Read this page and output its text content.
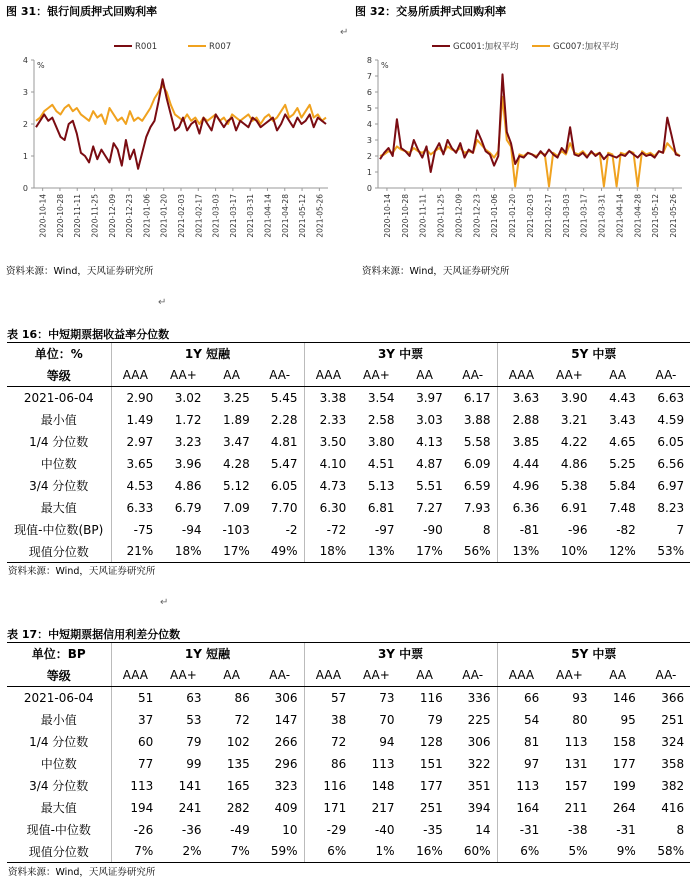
图 31：银行间质押式回购利率
0
1
2
3
4
%
2020-10-14 2020-10-28 2020-11-11 2020-11-25 2020-12-09 2020-12-23 2021-01-06 2021-01-20 2021-02-03 2021-02-17 2021-03-03 2021-03-17 2021-03-31 2021-04-14 2021-04-28 2021-05-12 2021-05-26
R001	R007
资料来源：Wind，天风证券研究所
图 32：交易所质押式回购利率
0
1
2
3
4
5
6
7
8
%
2020-10-14 2020-10-28 2020-11-11 2020-11-25 2020-12-09 2020-12-23 2021-01-06 2021-01-20 2021-02-03 2021-02-17 2021-03-03 2021-03-17 2021-03-31 2021-04-14 2021-04-28 2021-05-12 2021-05-26
GC001:加权平均	GC007:加权平均
资料来源：Wind，天风证券研究所
↵
↵
↵
表 16：中短期票据收益率分位数
单位：%	1Y 短融				3Y 中票				5Y 中票			
等级	AAA	AA+	AA	AA-	AAA	AA+	AA	AA-	AAA	AA+	AA	AA-
2021-06-04	2.90	3.02	3.25	5.45	3.38	3.54	3.97	6.17	3.63	3.90	4.43	6.63
最小值	1.49	1.72	1.89	2.28	2.33	2.58	3.03	3.88	2.88	3.21	3.43	4.59
1/4 分位数	2.97	3.23	3.47	4.81	3.50	3.80	4.13	5.58	3.85	4.22	4.65	6.05
中位数	3.65	3.96	4.28	5.47	4.10	4.51	4.87	6.09	4.44	4.86	5.25	6.56
3/4 分位数	4.53	4.86	5.12	6.05	4.73	5.13	5.51	6.59	4.96	5.38	5.84	6.97
最大值	6.33	6.79	7.09	7.70	6.30	6.81	7.27	7.93	6.36	6.91	7.48	8.23
现值-中位数(BP)	-75	-94	-103	-2	-72	-97	-90	8	-81	-96	-82	7
现值分位数	21%	18%	17%	49%	18%	13%	17%	56%	13%	10%	12%	53%
资料来源：Wind，天风证券研究所
表 17：中短期票据信用利差分位数
单位：BP	1Y 短融				3Y 中票				5Y 中票			
等级	AAA	AA+	AA	AA-	AAA	AA+	AA	AA-	AAA	AA+	AA	AA-
2021-06-04	51	63	86	306	57	73	116	336	66	93	146	366
最小值	37	53	72	147	38	70	79	225	54	80	95	251
1/4 分位数	60	79	102	266	72	94	128	306	81	113	158	324
中位数	77	99	135	296	86	113	151	322	97	131	177	358
3/4 分位数	113	141	165	323	116	148	177	351	113	157	199	382
最大值	194	241	282	409	171	217	251	394	164	211	264	416
现值-中位数	-26	-36	-49	10	-29	-40	-35	14	-31	-38	-31	8
现值分位数	7%	2%	7%	59%	6%	1%	16%	60%	6%	5%	9%	58%
资料来源：Wind，天风证券研究所
